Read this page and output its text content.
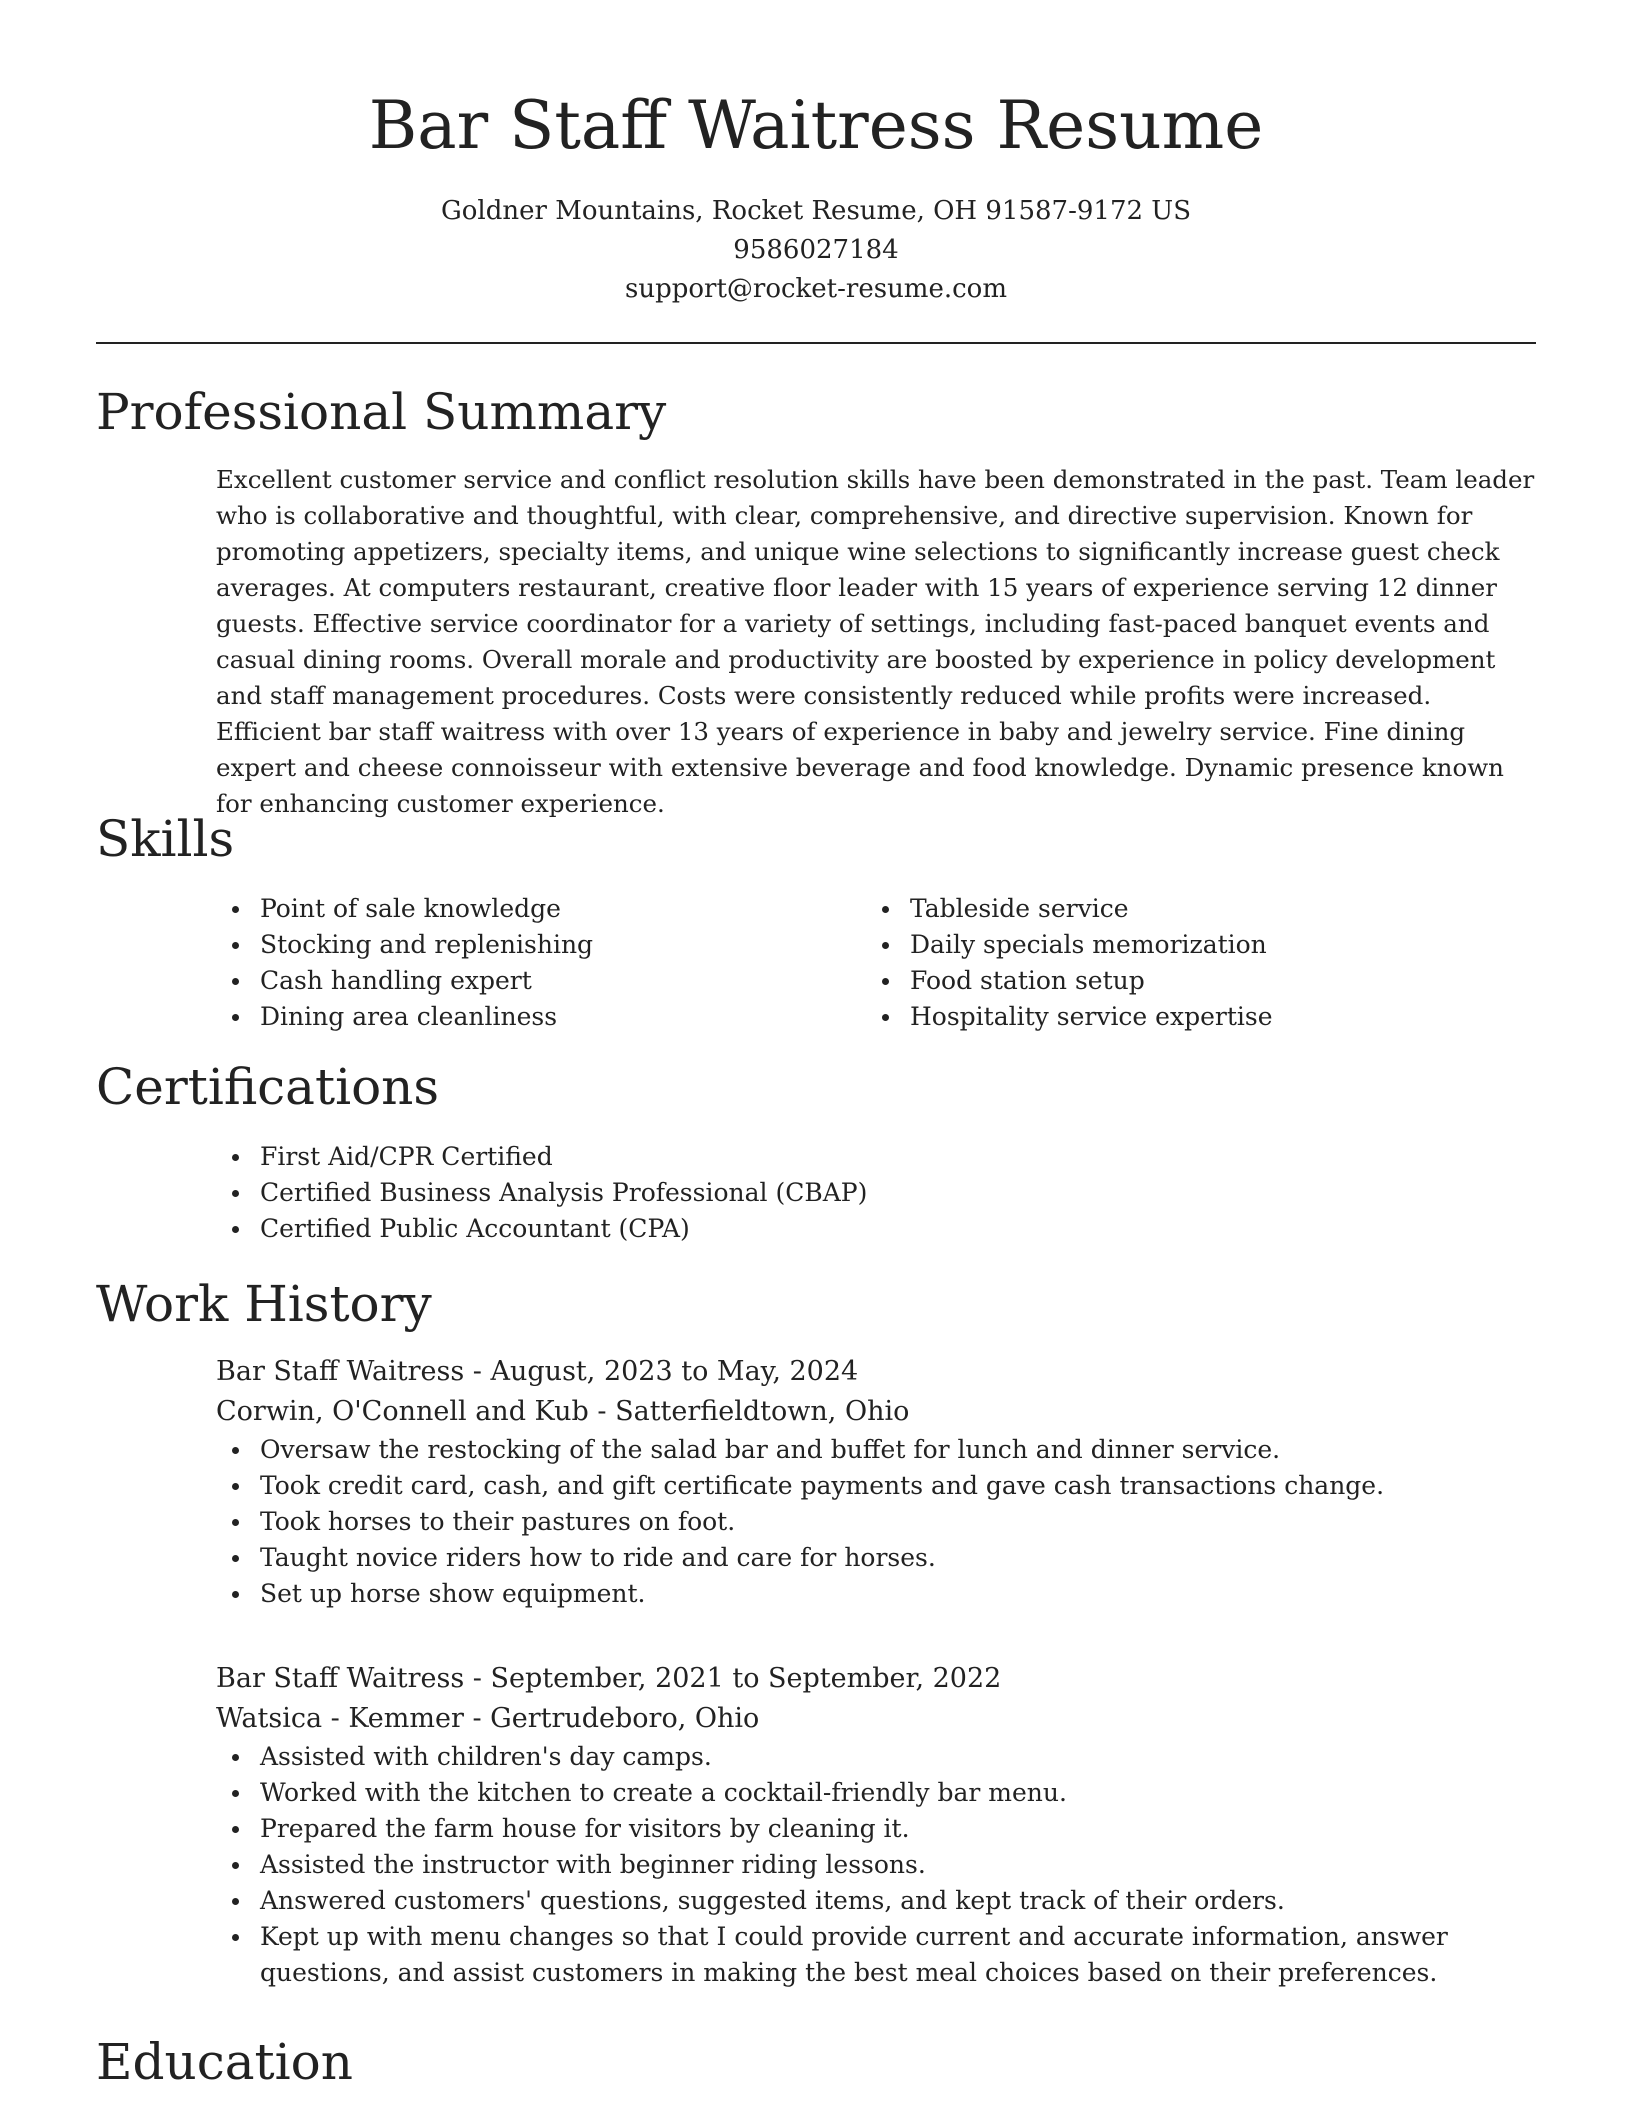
Bar Staff Waitress Resume
Goldner Mountains, Rocket Resume, OH 91587-9172 US
9586027184
support@rocket-resume.com
Professional Summary

Excellent customer service and conflict resolution skills have been demonstrated in the past. Team leader who is collaborative and thoughtful, with clear, comprehensive, and directive supervision. Known for promoting appetizers, specialty items, and unique wine selections to significantly increase guest check averages. At computers restaurant, creative floor leader with 15 years of experience serving 12 dinner guests. Effective service coordinator for a variety of settings, including fast-paced banquet events and casual dining rooms. Overall morale and productivity are boosted by experience in policy development and staff management procedures. Costs were consistently reduced while profits were increased. Efficient bar staff waitress with over 13 years of experience in baby and jewelry service. Fine dining expert and cheese connoisseur with extensive beverage and food knowledge. Dynamic presence known for enhancing customer experience.

Skills
Point of sale knowledge
Stocking and replenishing
Cash handling expert
Dining area cleanliness
Tableside service
Daily specials memorization
Food station setup
Hospitality service expertise
Certifications
First Aid/CPR Certified
Certified Business Analysis Professional (CBAP)
Certified Public Accountant (CPA)
Work History

Bar Staff Waitress - August, 2023 to May, 2024

Corwin, O'Connell and Kub - Satterfieldtown, Ohio

Oversaw the restocking of the salad bar and buffet for lunch and dinner service.
Took credit card, cash, and gift certificate payments and gave cash transactions change.
Took horses to their pastures on foot.
Taught novice riders how to ride and care for horses.
Set up horse show equipment.

Bar Staff Waitress - September, 2021 to September, 2022

Watsica - Kemmer - Gertrudeboro, Ohio

Assisted with children's day camps.
Worked with the kitchen to create a cocktail-friendly bar menu.
Prepared the farm house for visitors by cleaning it.
Assisted the instructor with beginner riding lessons.
Answered customers' questions, suggested items, and kept track of their orders.
Kept up with menu changes so that I could provide current and accurate information, answer questions, and assist customers in making the best meal choices based on their preferences.
Education
